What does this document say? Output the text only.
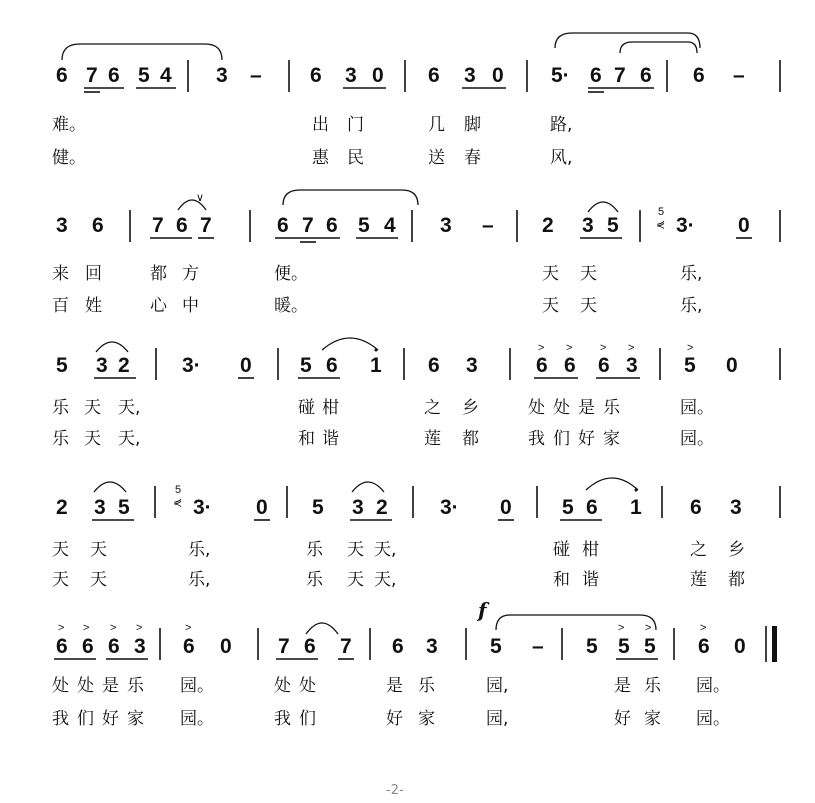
6 7 6 5 4 3 – 6 3 0 6 3 0 5· 6 7 6 6 –
难。	出 门	几 脚	路,
健。	惠 民	送 春	风,
∨
3 6 7 6 7	6 7 6 5 4 3 – 2 3 5
5
⋞ 3· 0
来 回	都 方	便。	天 天	乐,
百 姓	心 中	暖。	天 天	乐,
> >	> >	>
5 3 2 3· 0 5 6 1 6 3	6 6 6 3 5 0
乐 天 天,	碰 柑	之 乡	处 处 是 乐	园。
乐 天 天,	和 谐	莲 都	我 们 好 家	园。
2 3 5
5
⋞ 3· 0 5 3 2 3· 0 5 6 1 6 3
天 天	乐,	乐 天 天,	碰 柑	之 乡
天 天	乐,	乐 天 天,	和 谐	莲 都
> > > >	>	> >	>
f
6 6 6 3 6 0 7 6 7 6 3 5 – 5 5 5 6 0
处 处 是 乐 园。	处 处	是 乐	园,	是 乐 园。
我 们 好 家 园。	我 们	好 家	园,	好 家 园。
-2-
